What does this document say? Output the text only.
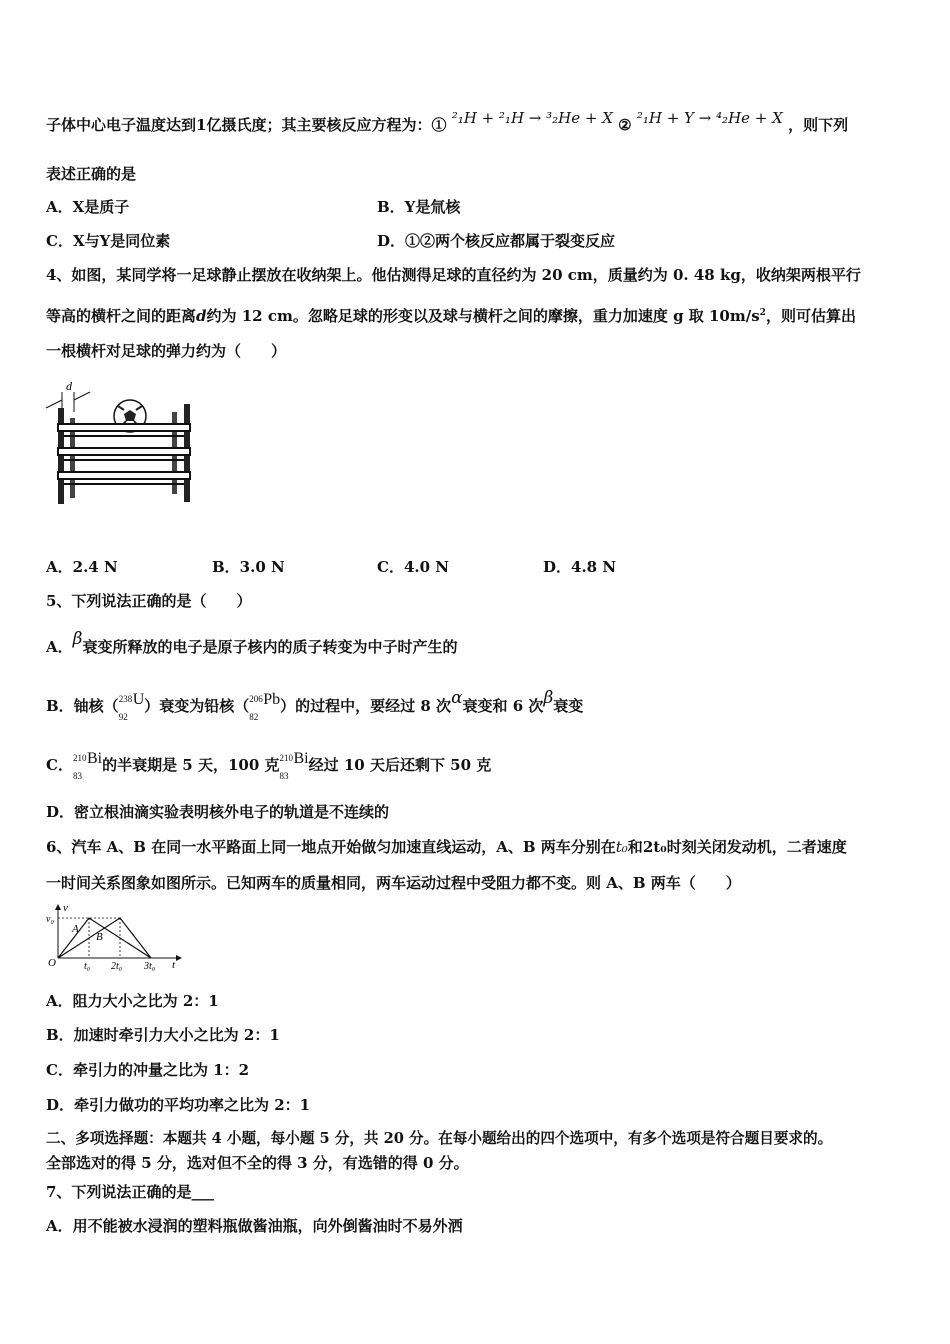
子体中心电子温度达到1亿摄氏度；其主要核反应方程为：① ²₁H + ²₁H → ³₂He + X ② ²₁H + Y → ⁴₂He + X ，则下列
表述正确的是
A．X是质子	B．Y是氚核
C．X与Y是同位素	D．①②两个核反应都属于裂变反应
4、如图，某同学将一足球静止摆放在收纳架上。他估测得足球的直径约为 20 cm，质量约为 0. 48 kg，收纳架两根平行
等高的横杆之间的距离d约为 12 cm。忽略足球的形变以及球与横杆之间的摩擦，重力加速度 g 取 $10m/s^2$，则可估算出
一根横杆对足球的弹力约为（　　）
d
A．2.4 N	B．3.0 N	C．4.0 N	D．4.8 N
5、下列说法正确的是（　　）
A．β衰变所释放的电子是原子核内的质子转变为中子时产生的
B．铀核（ 238
92
U）衰变为铅核（ 206
82
Pb）的过程中，要经过 8 次α衰变和 6 次β衰变
C． 210
83
Bi的半衰期是 5 天，100 克 210
83
Bi经过 10 天后还剩下 50 克
D．密立根油滴实验表明核外电子的轨道是不连续的
6、汽车 A、B 在同一水平路面上同一地点开始做匀加速直线运动，A、B 两车分别在t₀和2t₀时刻关闭发动机，二者速度
一时间关系图象如图所示。已知两车的质量相同，两车运动过程中受阻力都不变。则 A、B 两车（　　）
v
v₀
O	t
A
B
t₀ 2t₀ 3t₀
A．阻力大小之比为 2：1
B．加速时牵引力大小之比为 2：1
C．牵引力的冲量之比为 1：2
D．牵引力做功的平均功率之比为 2：1
二、多项选择题：本题共 4 小题，每小题 5 分，共 20 分。在每小题给出的四个选项中，有多个选项是符合题目要求的。
全部选对的得 5 分，选对但不全的得 3 分，有选错的得 0 分。
7、下列说法正确的是___
A．用不能被水浸润的塑料瓶做酱油瓶，向外倒酱油时不易外洒
